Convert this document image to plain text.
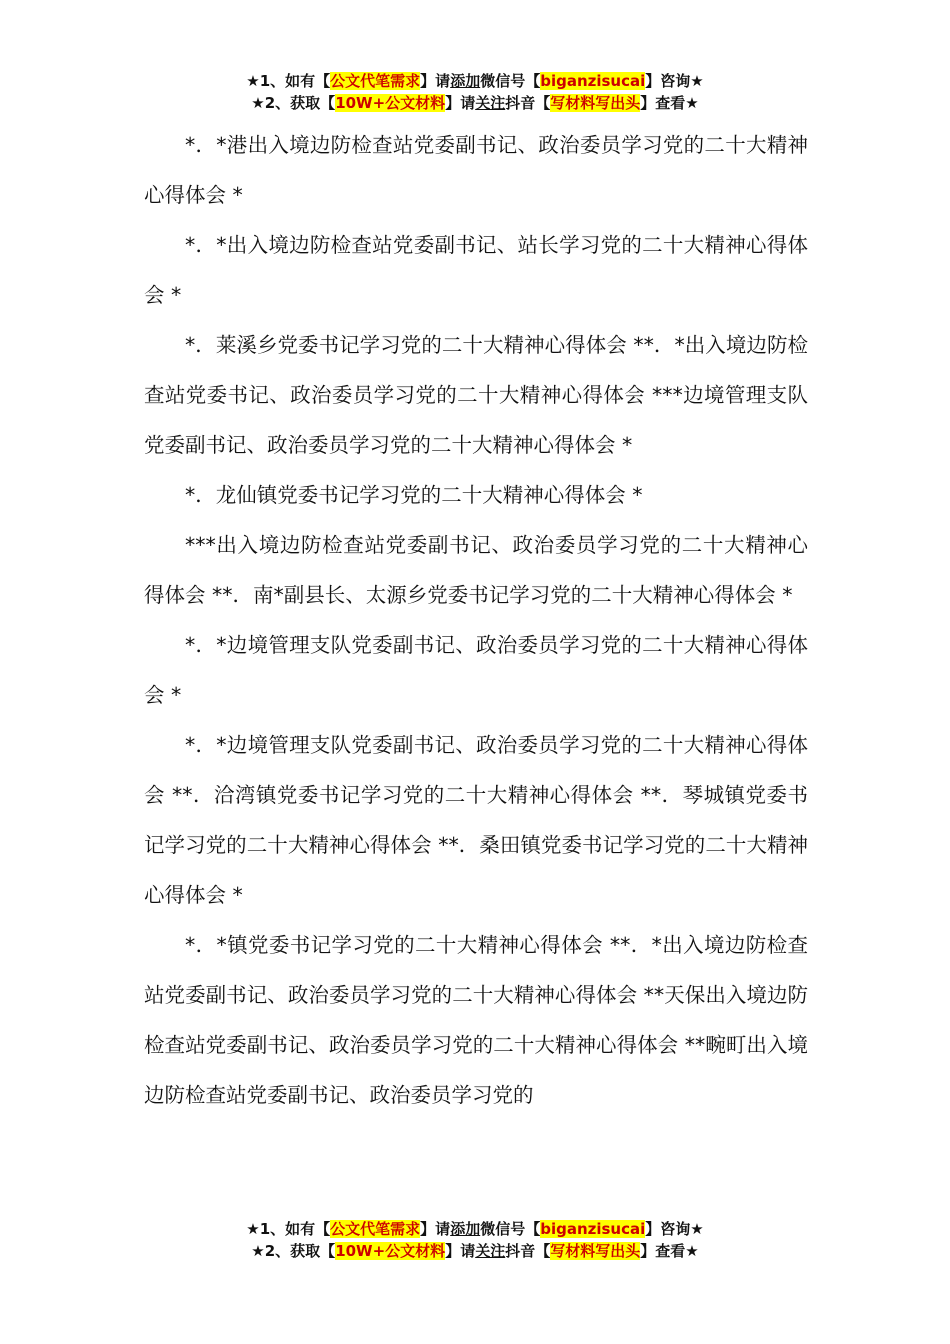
★1、如有【公文代笔需求】请添加微信号【biganzisucai】咨询★
★2、获取【10W+公文材料】请关注抖音【写材料写出头】查看★

*．*港出入境边防检查站党委副书记、政治委员学习党的二十大精神心得体会 *

*．*出入境边防检查站党委副书记、站长学习党的二十大精神心得体会 *

*．莱溪乡党委书记学习党的二十大精神心得体会 **．*出入境边防检查站党委书记、政治委员学习党的二十大精神心得体会 ***边境管理支队党委副书记、政治委员学习党的二十大精神心得体会 *

*．龙仙镇党委书记学习党的二十大精神心得体会 *

***出入境边防检查站党委副书记、政治委员学习党的二十大精神心得体会 **．南*副县长、太源乡党委书记学习党的二十大精神心得体会 *

*．*边境管理支队党委副书记、政治委员学习党的二十大精神心得体会 *

*．*边境管理支队党委副书记、政治委员学习党的二十大精神心得体会 **．洽湾镇党委书记学习党的二十大精神心得体会 **．琴城镇党委书记学习党的二十大精神心得体会 **．桑田镇党委书记学习党的二十大精神心得体会 *

*．*镇党委书记学习党的二十大精神心得体会 **．*出入境边防检查站党委副书记、政治委员学习党的二十大精神心得体会 **天保出入境边防检查站党委副书记、政治委员学习党的二十大精神心得体会 **畹町出入境边防检查站党委副书记、政治委员学习党的

★1、如有【公文代笔需求】请添加微信号【biganzisucai】咨询★
★2、获取【10W+公文材料】请关注抖音【写材料写出头】查看★
